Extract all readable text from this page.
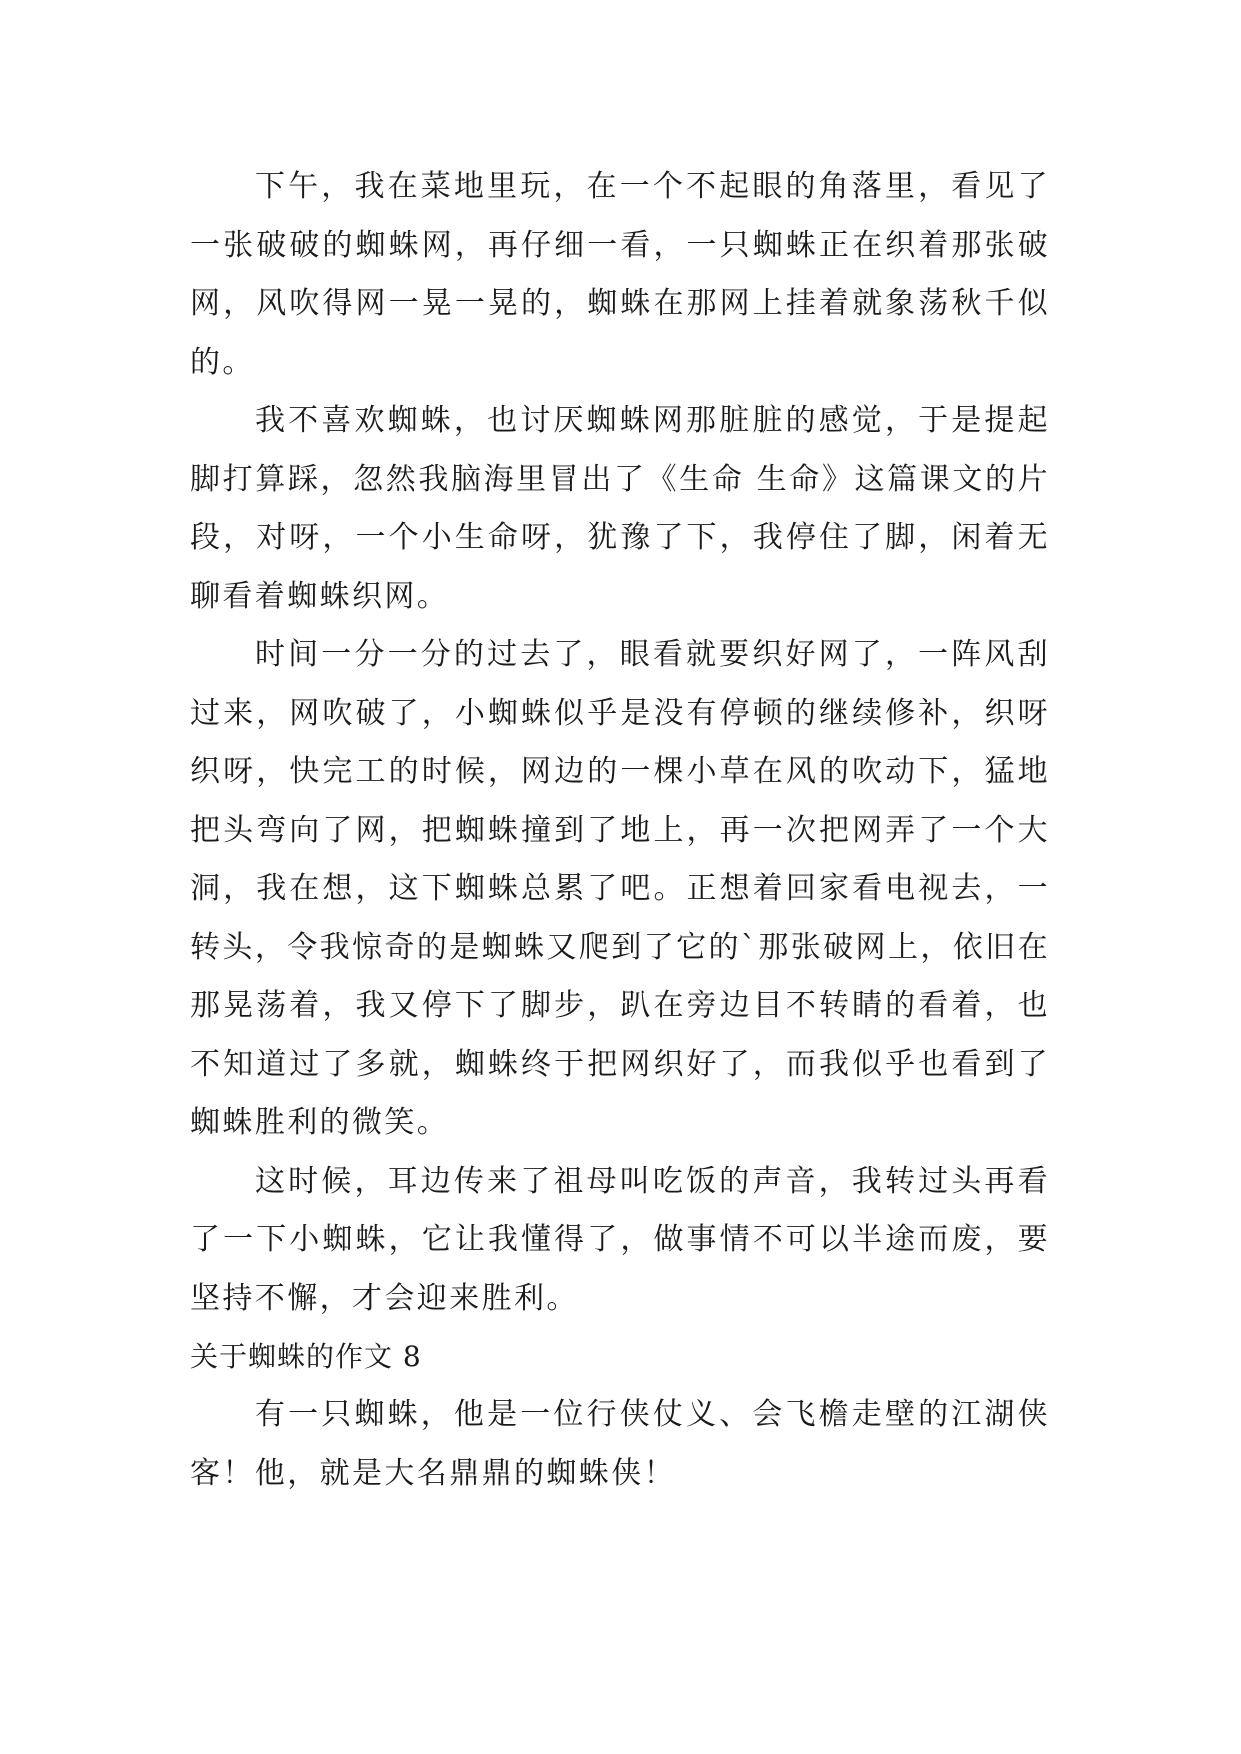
下午，我在菜地里玩，在一个不起眼的角落里，看见了一张破破的蜘蛛网，再仔细一看，一只蜘蛛正在织着那张破网，风吹得网一晃一晃的，蜘蛛在那网上挂着就象荡秋千似的。

我不喜欢蜘蛛，也讨厌蜘蛛网那脏脏的感觉，于是提起脚打算踩，忽然我脑海里冒出了《生命 生命》这篇课文的片段，对呀，一个小生命呀，犹豫了下，我停住了脚，闲着无聊看着蜘蛛织网。

时间一分一分的过去了，眼看就要织好网了，一阵风刮过来，网吹破了，小蜘蛛似乎是没有停顿的继续修补，织呀织呀，快完工的时候，网边的一棵小草在风的吹动下，猛地把头弯向了网，把蜘蛛撞到了地上，再一次把网弄了一个大洞，我在想，这下蜘蛛总累了吧。正想着回家看电视去，一转头，令我惊奇的是蜘蛛又爬到了它的`那张破网上，依旧在那晃荡着，我又停下了脚步，趴在旁边目不转睛的看着，也不知道过了多就，蜘蛛终于把网织好了，而我似乎也看到了蜘蛛胜利的微笑。

这时候，耳边传来了祖母叫吃饭的声音，我转过头再看了一下小蜘蛛，它让我懂得了，做事情不可以半途而废，要坚持不懈，才会迎来胜利。

关于蜘蛛的作文 8

有一只蜘蛛，他是一位行侠仗义、会飞檐走壁的江湖侠客！他，就是大名鼎鼎的蜘蛛侠！
